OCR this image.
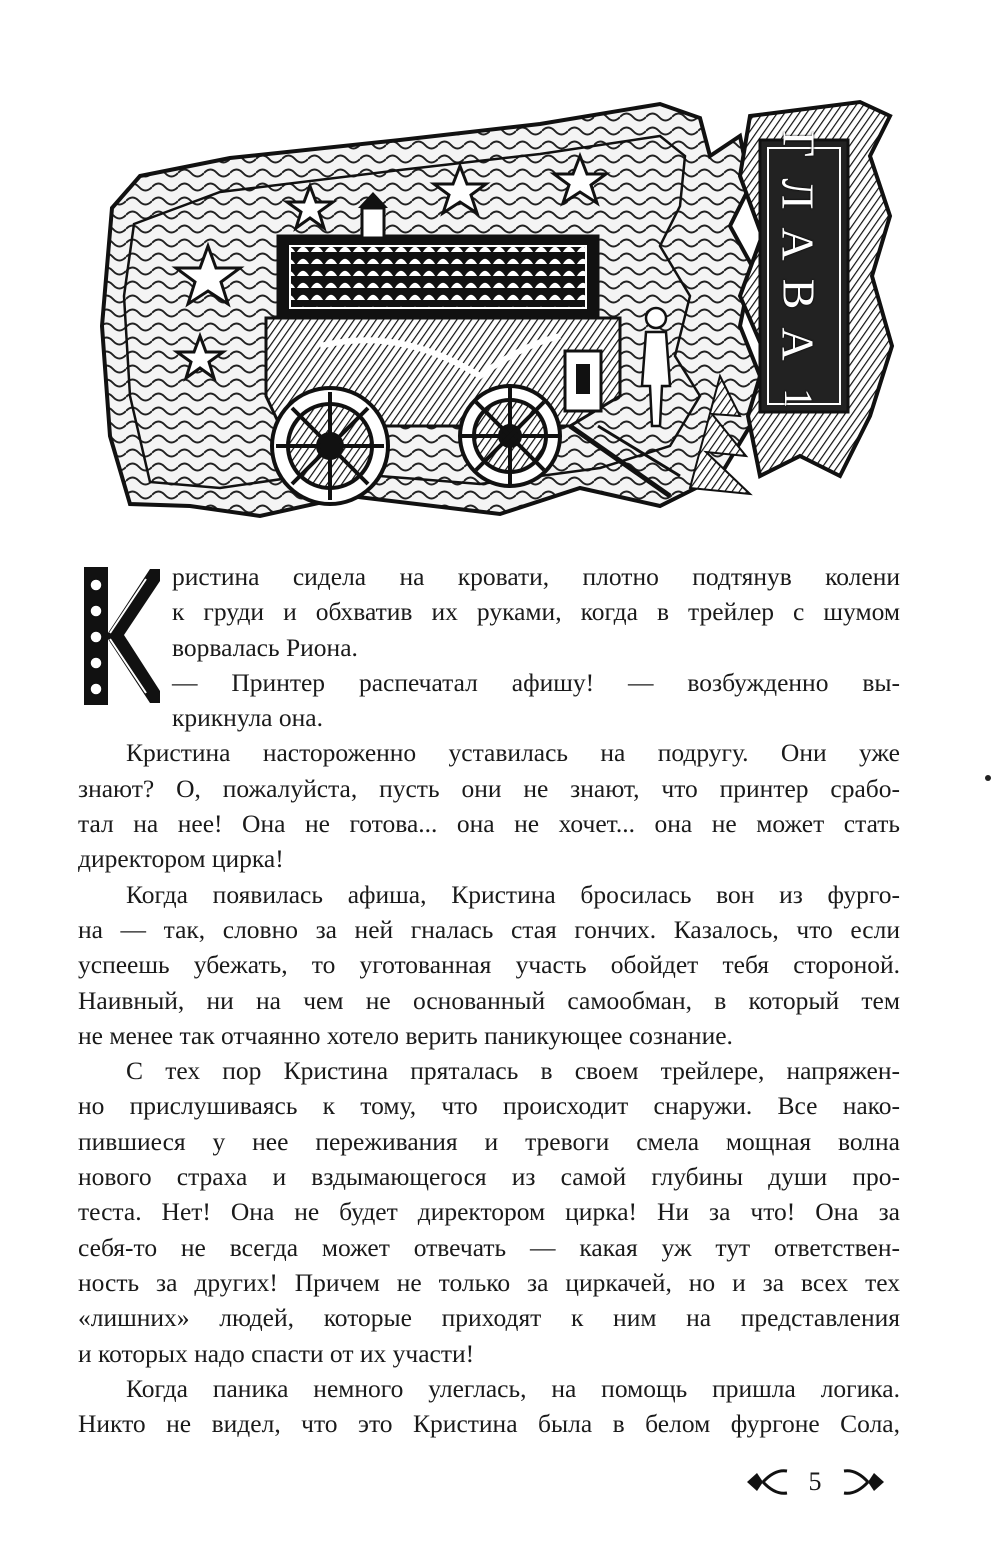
Г
Л
А
В
А
1

ристина сидела на кровати, плотно подтянув колени
к груди и обхватив их руками, когда в трейлер с шумом
ворвалась Риона.
— Принтер распечатал афишу! — возбужденно вы-
крикнула она.

Кристина настороженно уставилась на подругу. Они уже
знают? О, пожалуйста, пусть они не знают, что принтер срабо-
тал на нее! Она не готова... она не хочет... она не может стать
директором цирка!

Когда появилась афиша, Кристина бросилась вон из фурго-
на — так, словно за ней гналась стая гончих. Казалось, что если
успеешь убежать, то уготованная участь обойдет тебя стороной.
Наивный, ни на чем не основанный самообман, в который тем
не менее так отчаянно хотело верить паникующее сознание.

С тех пор Кристина пряталась в своем трейлере, напряжен-
но прислушиваясь к тому, что происходит снаружи. Все нако-
пившиеся у нее переживания и тревоги смела мощная волна
нового страха и вздымающегося из самой глубины души про-
теста. Нет! Она не будет директором цирка! Ни за что! Она за
себя-то не всегда может отвечать — какая уж тут ответствен-
ность за других! Причем не только за циркачей, но и за всех тех
«лишних» людей, которые приходят к ним на представления
и которых надо спасти от их участи!

Когда паника немного улеглась, на помощь пришла логика.
Никто не видел, что это Кристина была в белом фургоне Сола,

5
